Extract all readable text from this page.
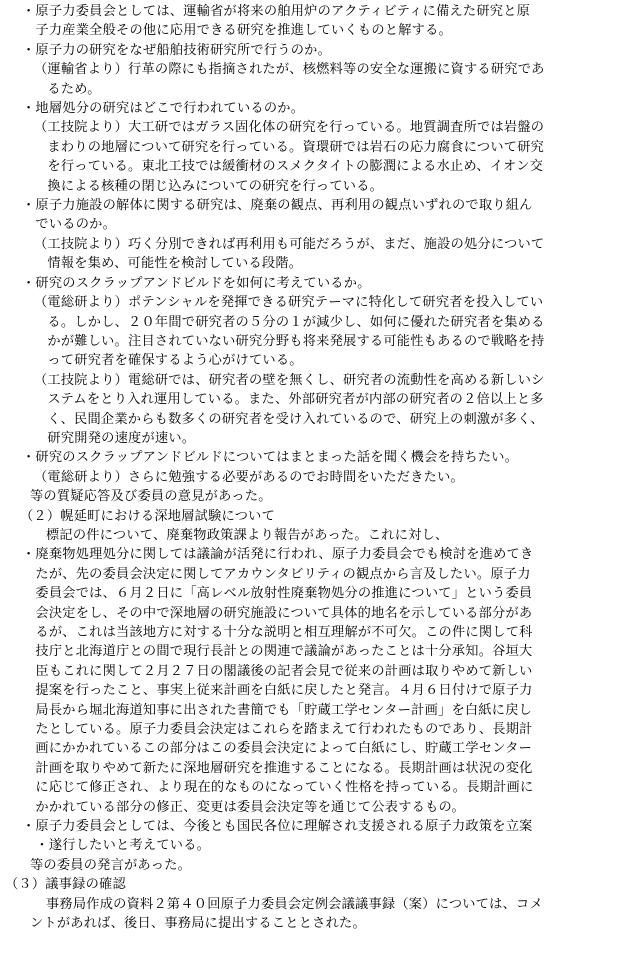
・原子力委員会としては、運輸省が将来の舶用炉のアクティビティに備えた研究と原
　子力産業全般その他に応用できる研究を推進していくものと解する。
・原子力の研究をなぜ船舶技術研究所で行うのか。
（運輸省より）行革の際にも指摘されたが、核燃料等の安全な運搬に資する研究であ
　るため。
・地層処分の研究はどこで行われているのか。
（工技院より）大工研ではガラス固化体の研究を行っている。地質調査所では岩盤の
　まわりの地層について研究を行っている。資環研では岩石の応力腐食について研究
　を行っている。東北工技では緩衝材のスメクタイトの膨潤による水止め、イオン交
　換による核種の閉じ込みについての研究を行っている。
・原子力施設の解体に関する研究は、廃棄の観点、再利用の観点いずれので取り組ん
　でいるのか。
（工技院より）巧く分別できれば再利用も可能だろうが、まだ、施設の処分について
　情報を集め、可能性を検討している段階。
・研究のスクラップアンドビルドを如何に考えているか。
（電総研より）ポテンシャルを発揮できる研究テーマに特化して研究者を投入してい
　る。しかし、２０年間で研究者の５分の１が減少し、如何に優れた研究者を集める
　かが難しい。注目されていない研究分野も将来発展する可能性もあるので戦略を持
　って研究者を確保するよう心がけている。
（工技院より）電総研では、研究者の壁を無くし、研究者の流動性を高める新しいシ
　ステムをとり入れ運用している。また、外部研究者が内部の研究者の２倍以上と多
　く、民間企業からも数多くの研究者を受け入れているので、研究上の刺激が多く、
　研究開発の速度が速い。
・研究のスクラップアンドビルドについてはまとまった話を聞く機会を持ちたい。
（電総研より）さらに勉強する必要があるのでお時間をいただきたい。
等の質疑応答及び委員の意見があった。
（２）幌延町における深地層試験について
標記の件について、廃棄物政策課より報告があった。これに対し、
・廃棄物処理処分に関しては議論が活発に行われ、原子力委員会でも検討を進めてき
　たが、先の委員会決定に関してアカウンタビリティの観点から言及したい。原子力
　委員会では、６月２日に「高レベル放射性廃棄物処分の推進について」という委員
　会決定をし、その中で深地層の研究施設について具体的地名を示している部分があ
　るが、これは当該地方に対する十分な説明と相互理解が不可欠。この件に関して科
　技庁と北海道庁との間で現行長計との関連で議論があったことは十分承知。谷垣大
　臣もこれに関して２月２７日の閣議後の記者会見で従来の計画は取りやめて新しい
　提案を行ったこと、事実上従来計画を白紙に戻したと発言。４月６日付けで原子力
　局長から堀北海道知事に出された書簡でも「貯蔵工学センター計画」を白紙に戻し
　たとしている。原子力委員会決定はこれらを踏まえて行われたものであり、長期計
　画にかかれているこの部分はこの委員会決定によって白紙にし、貯蔵工学センター
　計画を取りやめて新たに深地層研究を推進することになる。長期計画は状況の変化
　に応じて修正され、より現在的なものになっていく性格を持っている。長期計画に
　かかれている部分の修正、変更は委員会決定等を通じて公表するもの。
・原子力委員会としては、今後とも国民各位に理解され支援される原子力政策を立案
　・遂行したいと考えている。
等の委員の発言があった。
（３）議事録の確認
事務局作成の資料２第４０回原子力委員会定例会議議事録（案）については、コメ
ントがあれば、後日、事務局に提出することとされた。
